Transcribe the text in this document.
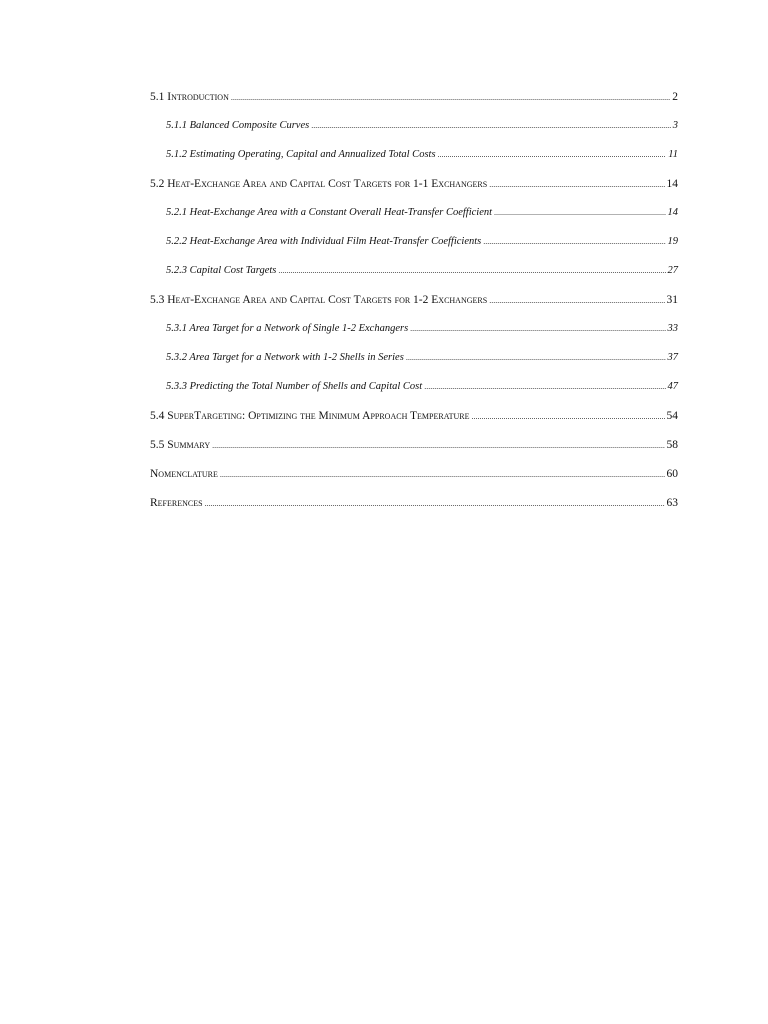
5.1 Introduction .....	2
5.1.1 Balanced Composite Curves .....	3
5.1.2 Estimating Operating, Capital and Annualized Total Costs .....	11
5.2 Heat-Exchange Area and Capital Cost Targets for 1-1 Exchangers .....	14
5.2.1 Heat-Exchange Area with a Constant Overall Heat-Transfer Coefficient .....	14
5.2.2 Heat-Exchange Area with Individual Film Heat-Transfer Coefficients .....	19
5.2.3 Capital Cost Targets .....	27
5.3 Heat-Exchange Area and Capital Cost Targets for 1-2 Exchangers .....	31
5.3.1 Area Target for a Network of Single 1-2 Exchangers .....	33
5.3.2 Area Target for a Network with 1-2 Shells in Series .....	37
5.3.3 Predicting the Total Number of Shells and Capital Cost .....	47
5.4 SuperTargeting: Optimizing the Minimum Approach Temperature .....	54
5.5 Summary .....	58
Nomenclature .....	60
References .....	63
